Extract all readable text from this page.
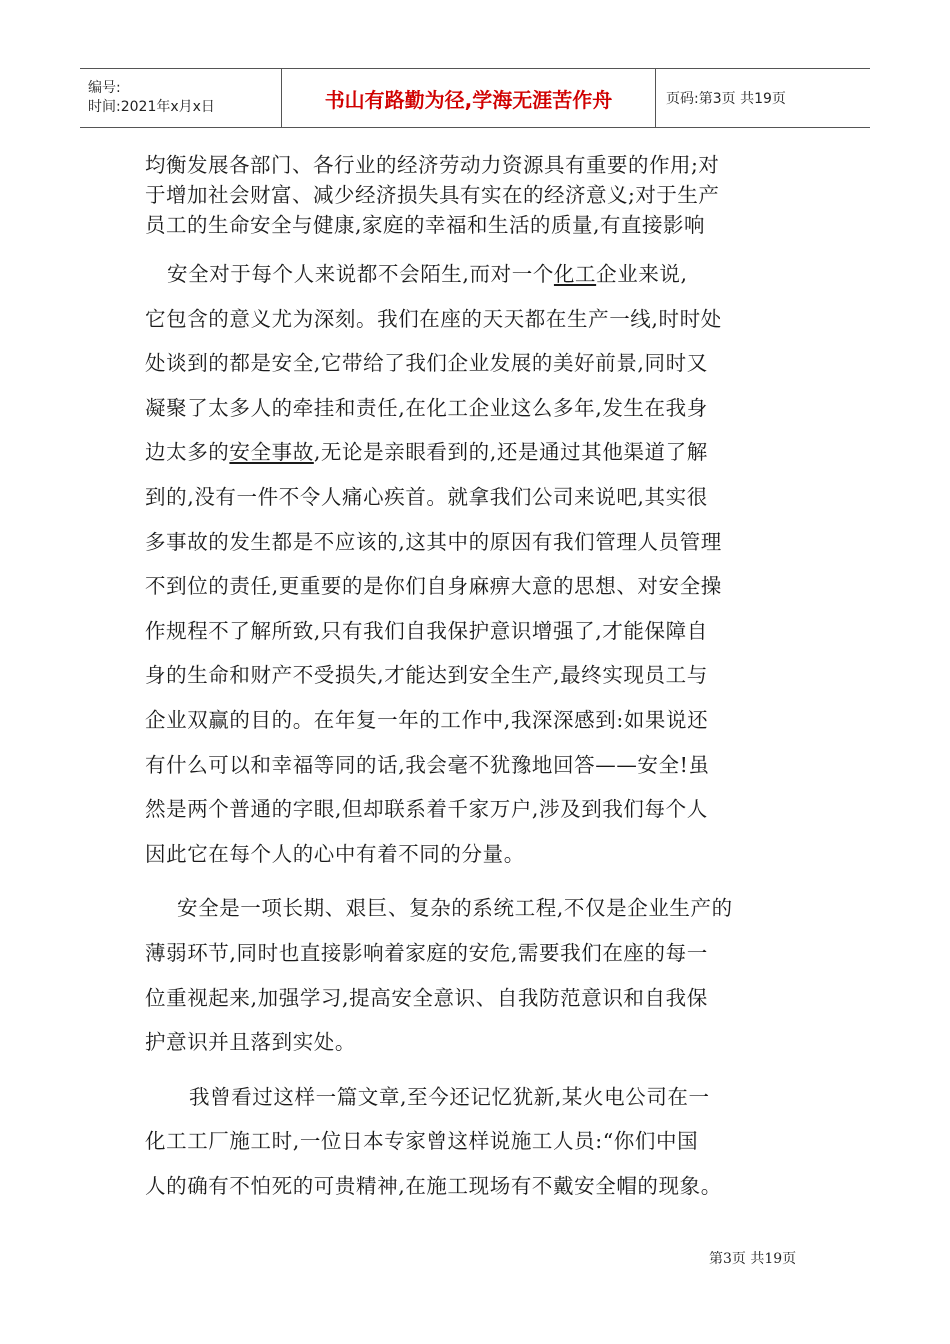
编号:
时间:2021年x月x日	书山有路勤为径,学海无涯苦作舟	页码:第3页 共19页

均衡发展各部门、各行业的经济劳动力资源具有重要的作用;对

于增加社会财富、减少经济损失具有实在的经济意义;对于生产

员工的生命安全与健康,家庭的幸福和生活的质量,有直接影响

安全对于每个人来说都不会陌生,而对一个化工企业来说,

它包含的意义尤为深刻。我们在座的天天都在生产一线,时时处

处谈到的都是安全,它带给了我们企业发展的美好前景,同时又

凝聚了太多人的牵挂和责任,在化工企业这么多年,发生在我身

边太多的安全事故,无论是亲眼看到的,还是通过其他渠道了解

到的,没有一件不令人痛心疾首。就拿我们公司来说吧,其实很

多事故的发生都是不应该的,这其中的原因有我们管理人员管理

不到位的责任,更重要的是你们自身麻痹大意的思想、对安全操

作规程不了解所致,只有我们自我保护意识增强了,才能保障自

身的生命和财产不受损失,才能达到安全生产,最终实现员工与

企业双赢的目的。在年复一年的工作中,我深深感到:如果说还

有什么可以和幸福等同的话,我会毫不犹豫地回答——安全!虽

然是两个普通的字眼,但却联系着千家万户,涉及到我们每个人

因此它在每个人的心中有着不同的分量。

安全是一项长期、艰巨、复杂的系统工程,不仅是企业生产的

薄弱环节,同时也直接影响着家庭的安危,需要我们在座的每一

位重视起来,加强学习,提高安全意识、自我防范意识和自我保

护意识并且落到实处。

我曾看过这样一篇文章,至今还记忆犹新,某火电公司在一

化工工厂施工时,一位日本专家曾这样说施工人员:“你们中国

人的确有不怕死的可贵精神,在施工现场有不戴安全帽的现象。

第3页 共19页
